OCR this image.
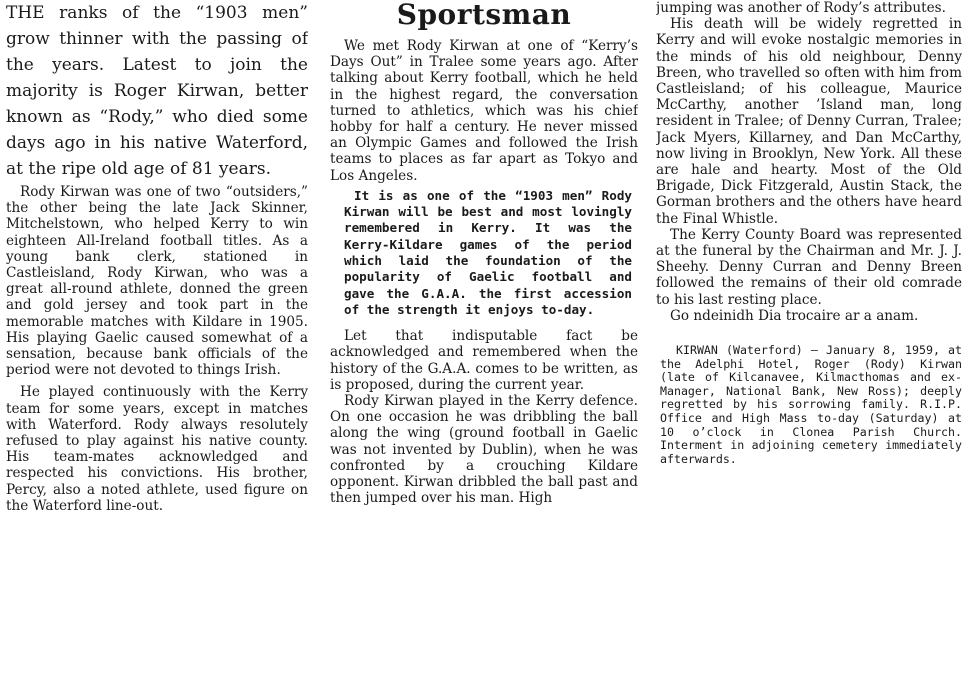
THE ranks of the “1903 men” grow thinner with the passing of the years. Latest to join the majority is Roger Kirwan, better known as “Rody,” who died some days ago in his native Waterford, at the ripe old age of 81 years.

Rody Kirwan was one of two “outsiders,” the other being the late Jack Skinner, Mitchelstown, who helped Kerry to win eighteen All-Ireland football titles. As a young bank clerk, stationed in Castleisland, Rody Kirwan, who was a great all-round athlete, donned the green and gold jersey and took part in the memorable matches with Kildare in 1905. His playing Gaelic caused somewhat of a sensation, because bank officials of the period were not devoted to things Irish.

He played continuously with the Kerry team for some years, except in matches with Waterford. Rody always resolutely refused to play against his native county. His team-mates acknowledged and respected his convictions. His brother, Percy, also a noted athlete, used figure on the Waterford line-out.

Sportsman

We met Rody Kirwan at one of “Kerry’s Days Out” in Tralee some years ago. After talking about Kerry football, which he held in the highest regard, the conversation turned to athletics, which was his chief hobby for half a century. He never missed an Olympic Games and followed the Irish teams to places as far apart as Tokyo and Los Angeles.

It is as one of the “1903 men” Rody Kirwan will be best and most lovingly remembered in Kerry. It was the Kerry-Kildare games of the period which laid the foundation of the popularity of Gaelic football and gave the G.A.A. the first accession of the strength it enjoys to-day.

Let that indisputable fact be acknowledged and remembered when the history of the G.A.A. comes to be written, as is proposed, during the current year.

Rody Kirwan played in the Kerry defence. On one occasion he was dribbling the ball along the wing (ground football in Gaelic was not invented by Dublin), when he was confronted by a crouching Kildare opponent. Kirwan dribbled the ball past and then jumped over his man. High

jumping was another of Rody’s attributes.

His death will be widely regretted in Kerry and will evoke nostalgic memories in the minds of his old neighbour, Denny Breen, who travelled so often with him from Castleisland; of his colleague, Maurice McCarthy, another ’Island man, long resident in Tralee; of Denny Curran, Tralee; Jack Myers, Killarney, and Dan McCarthy, now living in Brooklyn, New York. All these are hale and hearty. Most of the Old Brigade, Dick Fitzgerald, Austin Stack, the Gorman brothers and the others have heard the Final Whistle.

The Kerry County Board was represented at the funeral by the Chairman and Mr. J. J. Sheehy. Denny Curran and Denny Breen followed the remains of their old comrade to his last resting place.

Go ndeinidh Dia trocaire ar a anam.

KIRWAN (Waterford) — January 8, 1959, at the Adelphi Hotel, Roger (Rody) Kirwan (late of Kilcanavee, Kilmacthomas and ex-Manager, National Bank, New Ross); deeply regretted by his sorrowing family. R.I.P. Office and High Mass to-day (Saturday) at 10 o’clock in Clonea Parish Church. Interment in adjoining cemetery immediately afterwards.
